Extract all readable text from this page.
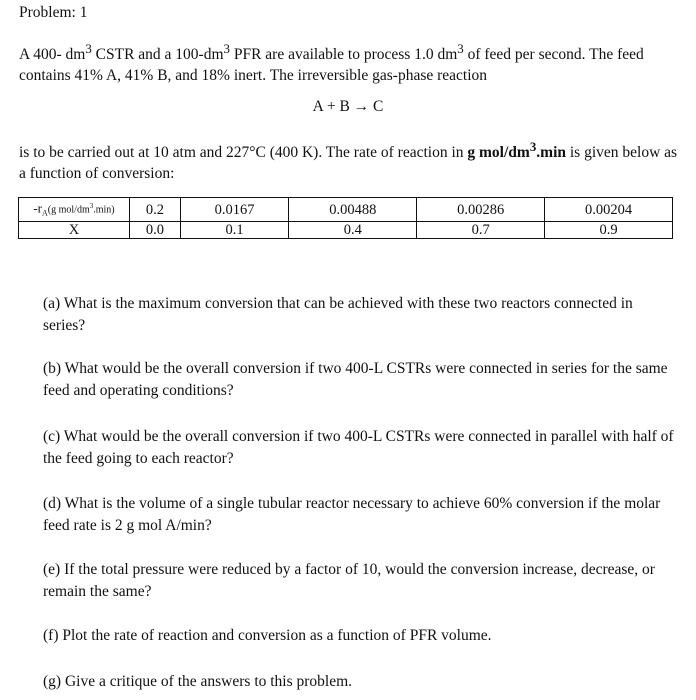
Problem: 1
A 400- $dm^3$ CSTR and a $100-dm^3$ PFR are available to process 1.0 $dm^3$ of feed per second. The feed contains 41% A, 41% B, and 18% inert. The irreversible gas-phase reaction
A + B → C
is to be carried out at 10 atm and 227°C (400 K). The rate of reaction in g mol/$dm^3.\min$ is given below as a function of conversion:
$-r_A(g$ mol/$dm^3.\min$)	0.2	0.0167	0.00488	0.00286	0.00204
X	0.0	0.1	0.4	0.7	0.9
(a) What is the maximum conversion that can be achieved with these two reactors connected in series?
(b) What would be the overall conversion if two 400-L CSTRs were connected in series for the same feed and operating conditions?
(c) What would be the overall conversion if two 400-L CSTRs were connected in parallel with half of the feed going to each reactor?
(d) What is the volume of a single tubular reactor necessary to achieve 60% conversion if the molar feed rate is 2 g mol A/min?
(e) If the total pressure were reduced by a factor of 10, would the conversion increase, decrease, or remain the same?
(f) Plot the rate of reaction and conversion as a function of PFR volume.
(g) Give a critique of the answers to this problem.
